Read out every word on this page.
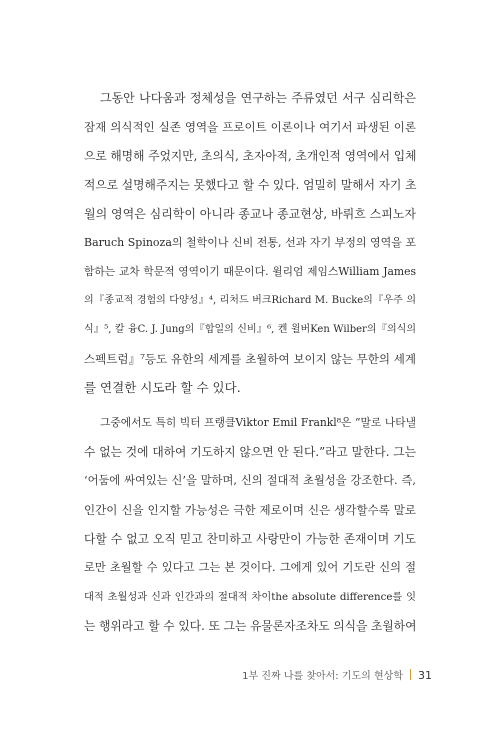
그동안 나다움과 정체성을 연구하는 주류였던 서구 심리학은
잠재 의식적인 실존 영역을 프로이트 이론이나 여기서 파생된 이론
으로 해명해 주었지만, 초의식, 초자아적, 초개인적 영역에서 입체
적으로 설명해주지는 못했다고 할 수 있다. 엄밀히 말해서 자기 초
월의 영역은 심리학이 아니라 종교나 종교현상, 바뤼흐 스피노자
Baruch Spinoza의 철학이나 신비 전통, 선과 자기 부정의 영역을 포
함하는 교차 학문적 영역이기 때문이다. 윌리엄 제임스William James
의『종교적 경험의 다양성』⁴, 리처드 버크Richard M. Bucke의『우주 의
식』⁵, 칼 융C. J. Jung의『합일의 신비』⁶, 켄 윌버Ken Wilber의『의식의
스펙트럼』⁷등도 유한의 세계를 초월하여 보이지 않는 무한의 세계
를 연결한 시도라 할 수 있다.
그중에서도 특히 빅터 프랭클Viktor Emil Frankl⁸은 “말로 나타낼
수 없는 것에 대하여 기도하지 않으면 안 된다.”라고 말한다. 그는
‘어둠에 싸여있는 신’을 말하며, 신의 절대적 초월성을 강조한다. 즉,
인간이 신을 인지할 가능성은 극한 제로이며 신은 생각할수록 말로
다할 수 없고 오직 믿고 찬미하고 사랑만이 가능한 존재이며 기도
로만 초월할 수 있다고 그는 본 것이다. 그에게 있어 기도란 신의 절
대적 초월성과 신과 인간과의 절대적 차이the absolute difference를 잇
는 행위라고 할 수 있다. 또 그는 유물론자조차도 의식을 초월하여
1부 진짜 나를 찾아서: 기도의 현상학 31
